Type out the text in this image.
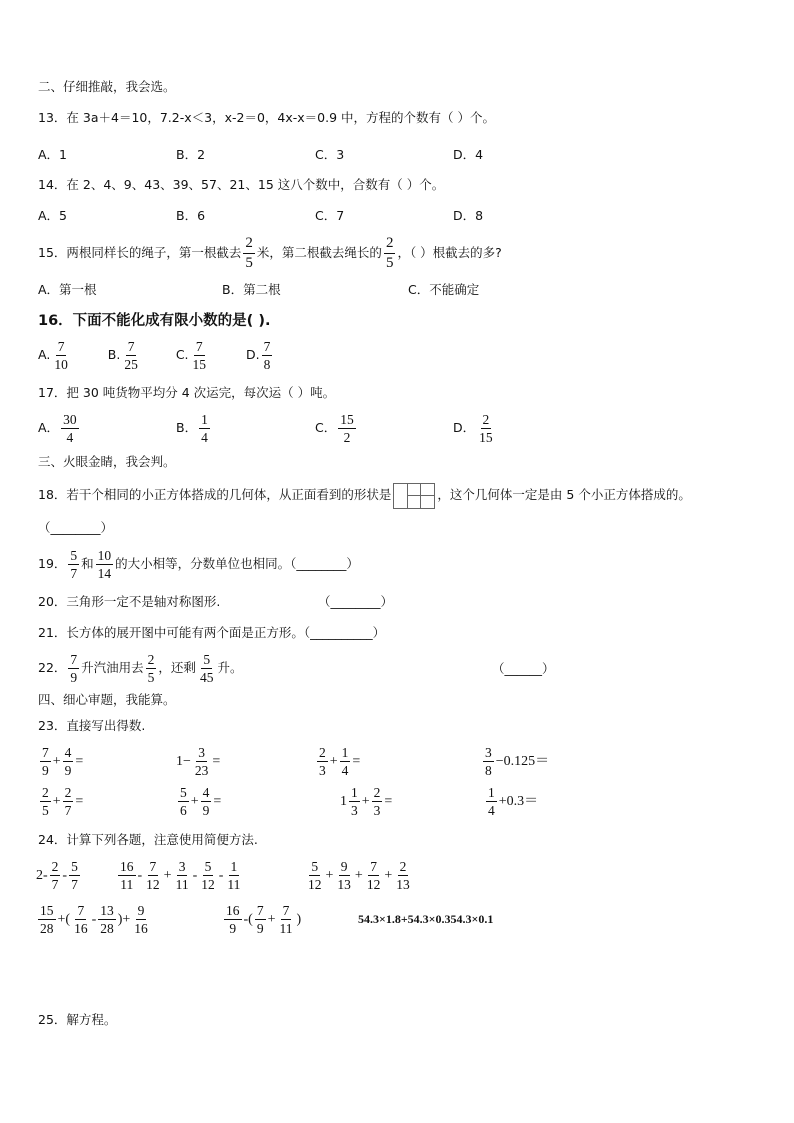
二、仔细推敲，我会选。
13．在 3a＋4＝10，7.2-x＜3，x-2＝0，4x-x＝0.9 中，方程的个数有（ ）个。
A．1	B．2	C．3	D．4
14．在 2、4、9、43、39、57、21、15 这八个数中，合数有（ ）个。
A．5	B．6	C．7	D．8
15．两根同样长的绳子，第一根截去 $\frac{2}{5}$ 米，第二根截去绳长的 $\frac{2}{5}$ ，（ ）根截去的多?
A．第一根	B．第二根	C．不能确定
16．下面不能化成有限小数的是( ).
A. $\frac{7}{10}$	B. $\frac{7}{25}$	C. $\frac{7}{15}$	D. $\frac{7}{8}$
17．把 30 吨货物平均分 4 次运完，每次运（ ）吨。
A． $\frac{30}{4}$	B． $\frac{1}{4}$	C． $\frac{15}{2}$	D． $\frac{2}{15}$
三、火眼金睛，我会判。
18．若干个相同的小正方体搭成的几何体，从正面看到的形状是	，这个几何体一定是由 5 个小正方体搭成的。
（________）
19． $\frac{5}{7}$ 和 $\frac{10}{14}$ 的大小相等，分数单位也相同。（________）
20．三角形一定不是轴对称图形.	（________）
21．长方体的展开图中可能有两个面是正方形。（__________）
22． $\frac{7}{9}$ 升汽油用去 $\frac{2}{5}$ ，还剩 $\frac{5}{45}$ 升。	（______）
四、细心审题，我能算。
23．直接写出得数.
$\frac{7}{9} + \frac{4}{9}$ =	$1- \frac{3}{23}$ =	$\frac{2}{3} + \frac{1}{4}$ =	$\frac{3}{8} -0.125=$
$\frac{2}{5} + \frac{2}{7}$ =	$\frac{5}{6} + \frac{4}{9}$ =	$1 \frac{1}{3} + \frac{2}{3}$ =	$\frac{1}{4} +0.3=$
24．计算下列各题，注意使用简便方法.
$2- \frac{2}{7} - \frac{5}{7}$	$\frac{16}{11} - \frac{7}{12} + \frac{3}{11} - \frac{5}{12} - \frac{1}{11}$	$\frac{5}{12} + \frac{9}{13} + \frac{7}{12} + \frac{2}{13}$
$\frac{15}{28}$ +( $\frac{7}{16} - \frac{13}{28}$ )+ $\frac{9}{16}$	$\frac{16}{9}$ -( $\frac{7}{9} + \frac{7}{11}$ )	54.3×1.8+54.3×0.354.3×0.1
25．解方程。
